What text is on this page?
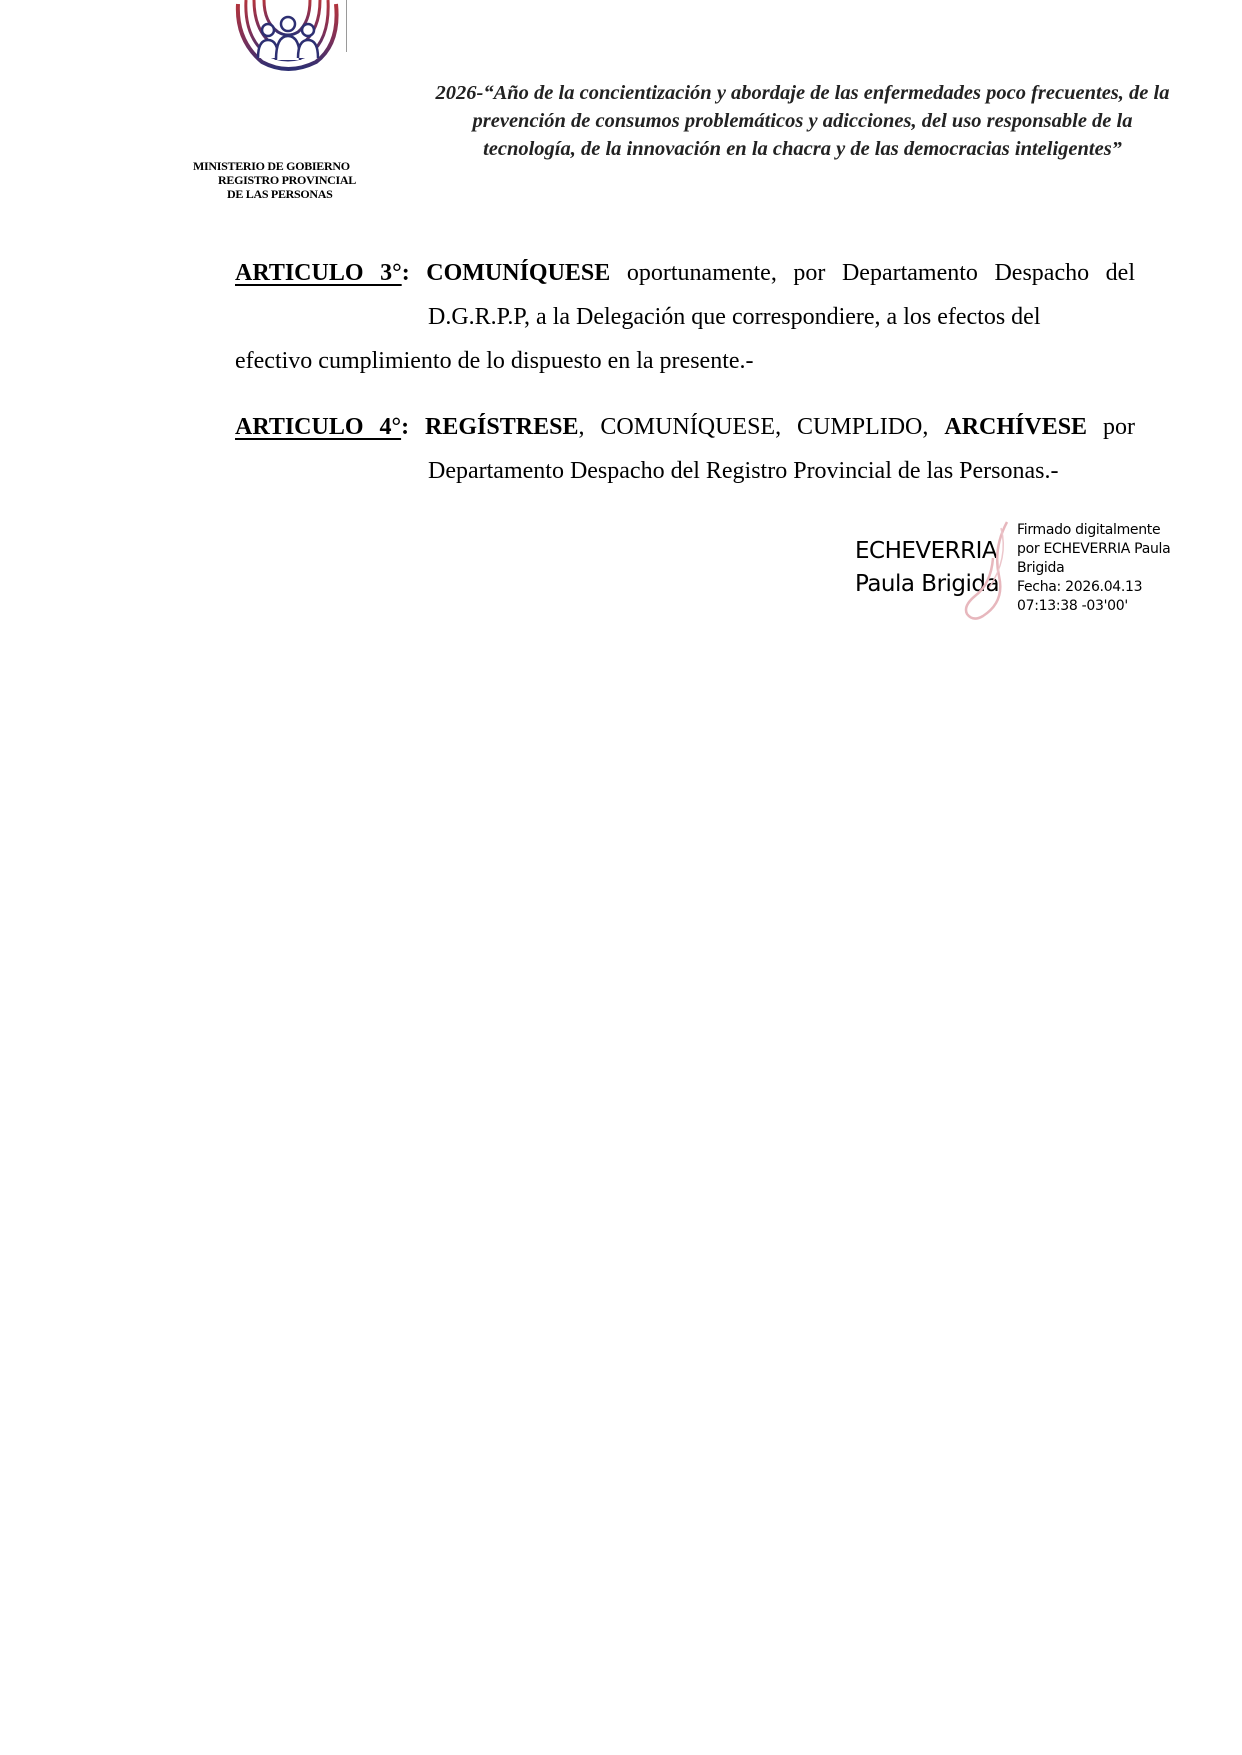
MINISTERIO DE GOBIERNO
REGISTRO PROVINCIAL
DE LAS PERSONAS
2026-“Año de la concientización y abordaje de las enfermedades poco frecuentes, de la
prevención de consumos problemáticos y adicciones, del uso responsable de la
tecnología, de la innovación en la chacra y de las democracias inteligentes”
ARTICULO 3°: COMUNÍQUESE oportunamente, por Departamento Despacho del
D.G.R.P.P, a la Delegación que correspondiere, a los efectos del
efectivo cumplimiento de lo dispuesto en la presente.-
ARTICULO 4°: REGÍSTRESE, COMUNÍQUESE, CUMPLIDO, ARCHÍVESE por
Departamento Despacho del Registro Provincial de las Personas.-
ECHEVERRIA
Paula Brigida
Firmado digitalmente
por ECHEVERRIA Paula
Brigida
Fecha: 2026.04.13
07:13:38 -03'00'
